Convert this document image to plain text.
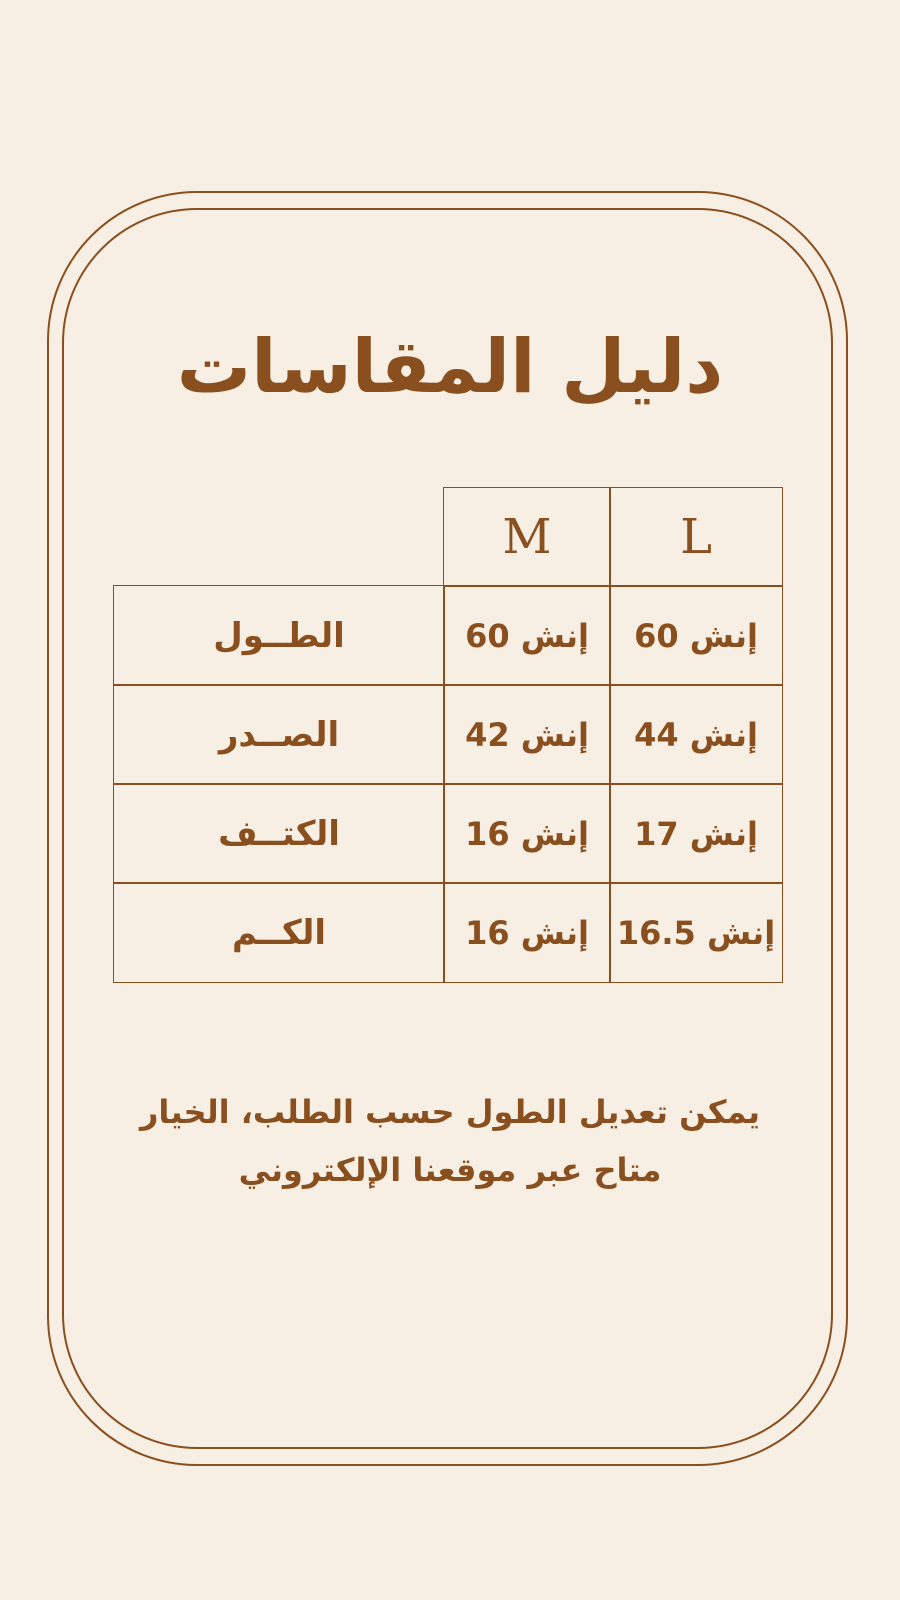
دليل المقاسات
L
M
إنش 60
إنش 60
الطــول
إنش 44
إنش 42
الصــدر
إنش 17
إنش 16
الكتــف
إنش 16.5
إنش 16
الكــم
يمكن تعديل الطول حسب الطلب، الخيار
متاح عبر موقعنا الإلكتروني
